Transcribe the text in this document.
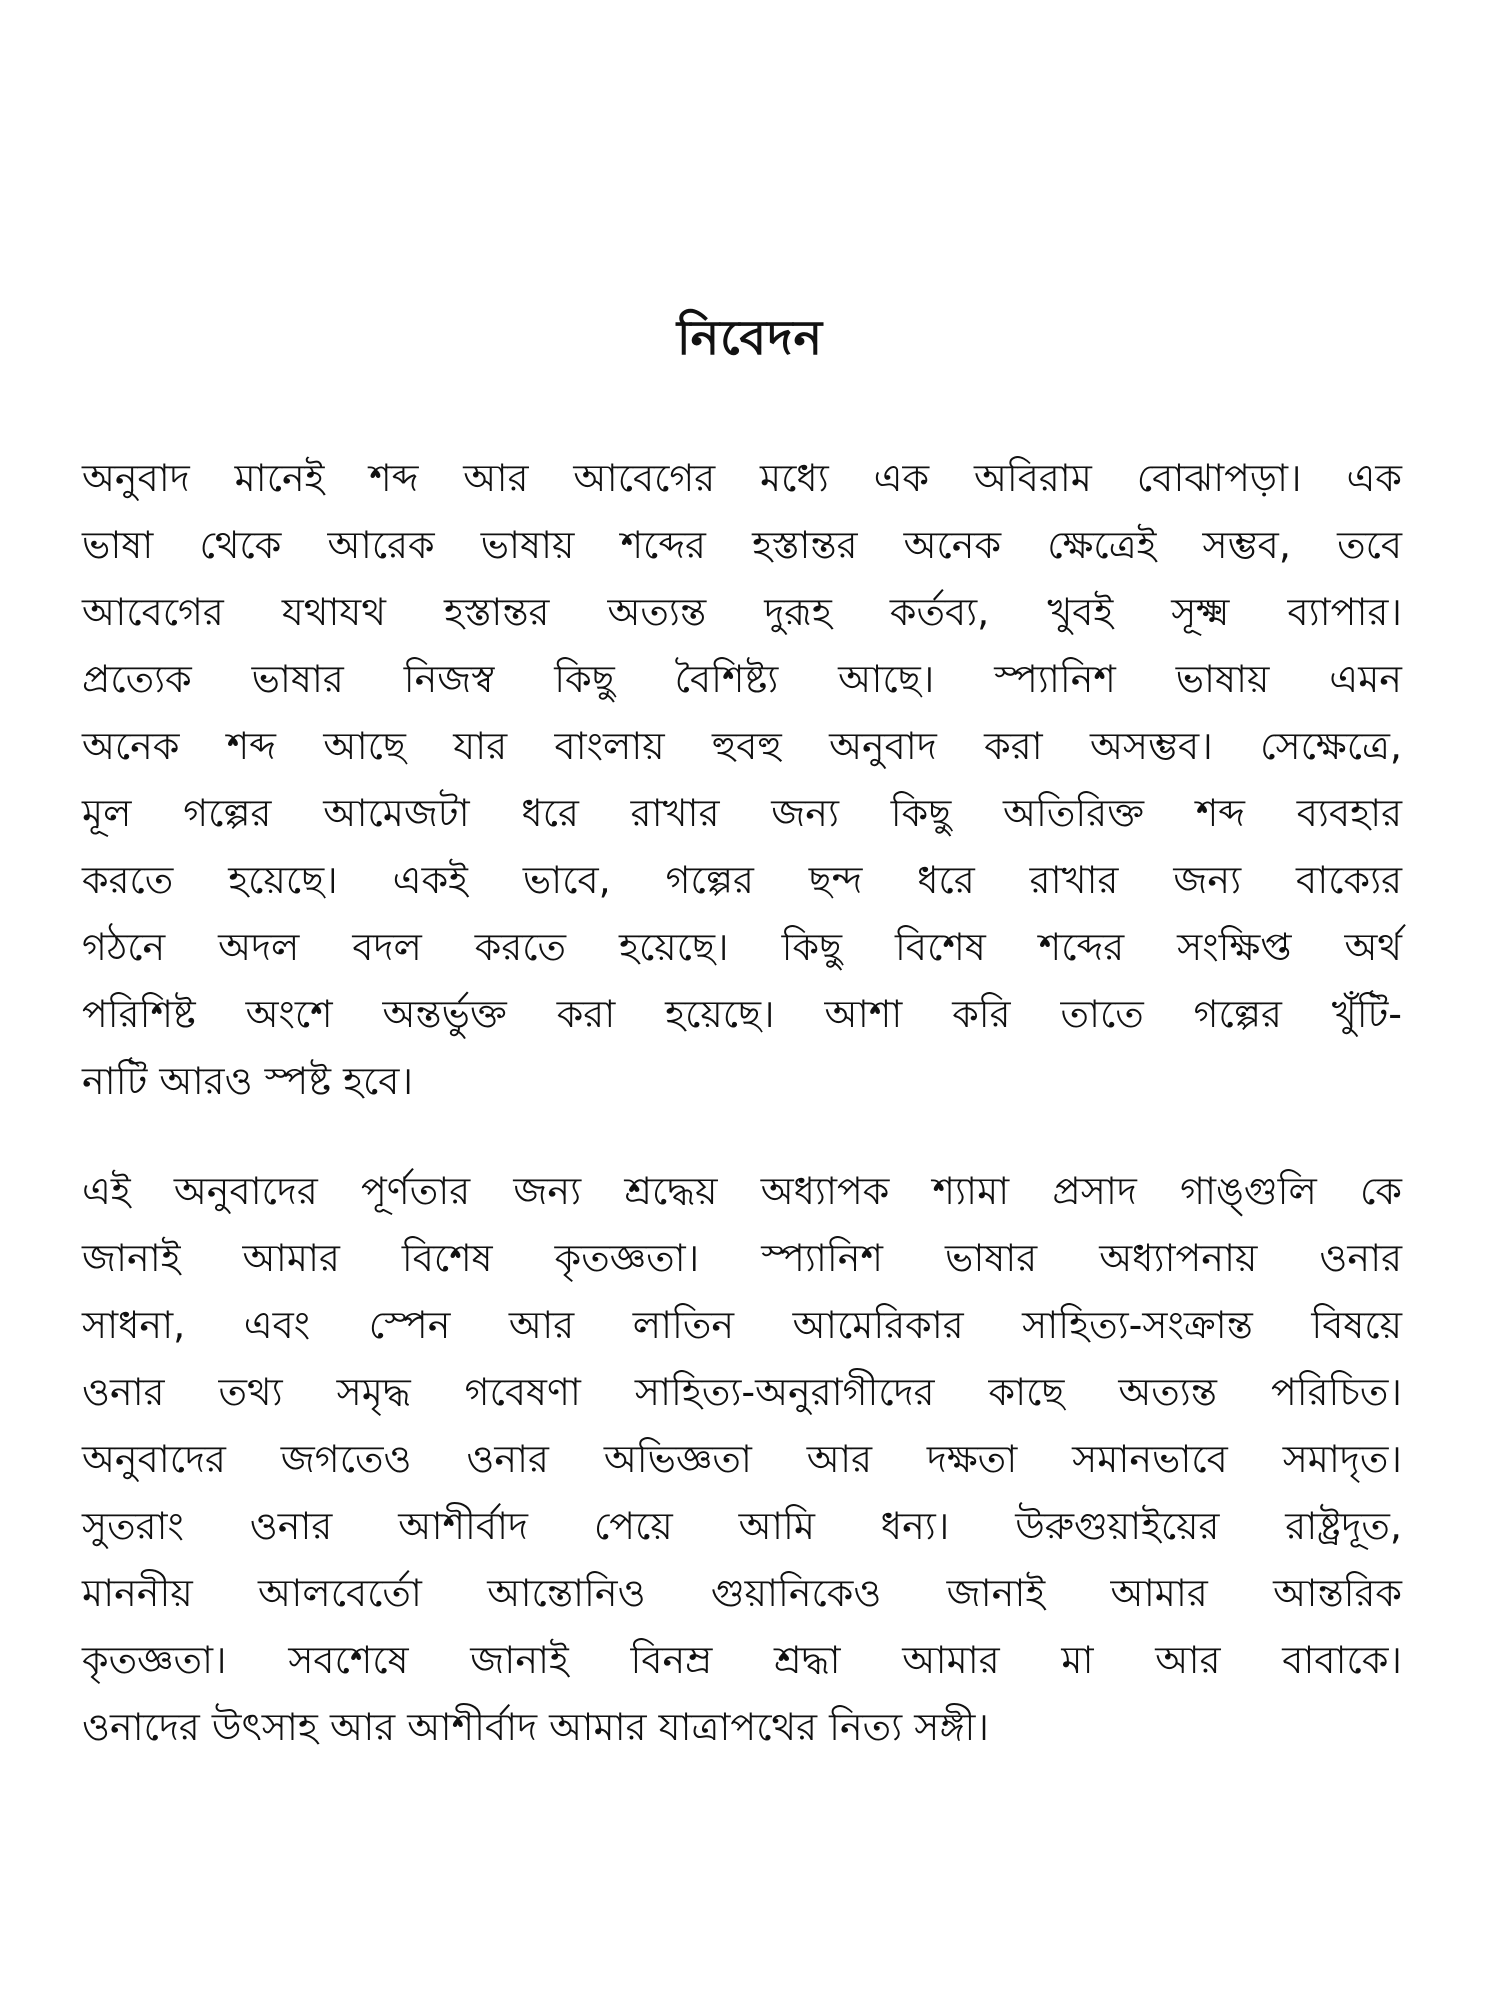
নিবেদন
অনুবাদ মানেই শব্দ আর আবেগের মধ্যে এক অবিরাম বোঝাপড়া। এক
ভাষা থেকে আরেক ভাষায় শব্দের হস্তান্তর অনেক ক্ষেত্রেই সম্ভব, তবে
আবেগের যথাযথ হস্তান্তর অত্যন্ত দুরূহ কর্তব্য, খুবই সূক্ষ্ম ব্যাপার।
প্রত্যেক ভাষার নিজস্ব কিছু বৈশিষ্ট্য আছে। স্প্যানিশ ভাষায় এমন
অনেক শব্দ আছে যার বাংলায় হুবহু অনুবাদ করা অসম্ভব। সেক্ষেত্রে,
মূল গল্পের আমেজটা ধরে রাখার জন্য কিছু অতিরিক্ত শব্দ ব্যবহার
করতে হয়েছে। একই ভাবে, গল্পের ছন্দ ধরে রাখার জন্য বাক্যের
গঠনে অদল বদল করতে হয়েছে। কিছু বিশেষ শব্দের সংক্ষিপ্ত অর্থ
পরিশিষ্ট অংশে অন্তর্ভুক্ত করা হয়েছে। আশা করি তাতে গল্পের খুঁটি-
নাটি আরও স্পষ্ট হবে।
এই অনুবাদের পূর্ণতার জন্য শ্রদ্ধেয় অধ্যাপক শ্যামা প্রসাদ গাঙ্গুলি কে
জানাই আমার বিশেষ কৃতজ্ঞতা। স্প্যানিশ ভাষার অধ্যাপনায় ওনার
সাধনা, এবং স্পেন আর লাতিন আমেরিকার সাহিত্য-সংক্রান্ত বিষয়ে
ওনার তথ্য সমৃদ্ধ গবেষণা সাহিত্য-অনুরাগীদের কাছে অত্যন্ত পরিচিত।
অনুবাদের জগতেও ওনার অভিজ্ঞতা আর দক্ষতা সমানভাবে সমাদৃত।
সুতরাং ওনার আশীর্বাদ পেয়ে আমি ধন্য। উরুগুয়াইয়ের রাষ্ট্রদূত,
মাননীয় আলবের্তো আন্তোনিও গুয়ানিকেও জানাই আমার আন্তরিক
কৃতজ্ঞতা। সবশেষে জানাই বিনম্র শ্রদ্ধা আমার মা আর বাবাকে।
ওনাদের উৎসাহ আর আশীর্বাদ আমার যাত্রাপথের নিত্য সঙ্গী।
